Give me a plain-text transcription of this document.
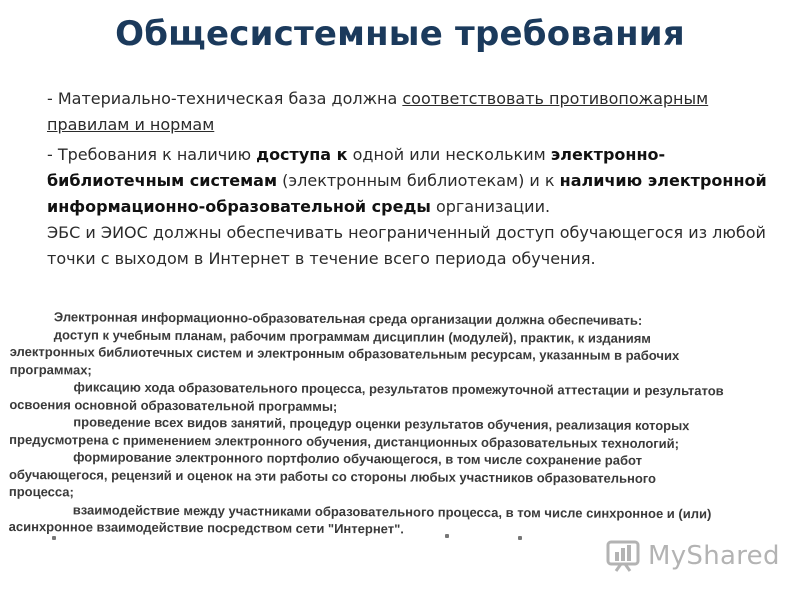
Общесистемные требования

- Материально-техническая база должна соответствовать противопожарным правилам и нормам

- Требования к наличию доступа к одной или нескольким электронно-библиотечным системам (электронным библиотекам) и к наличию электронной информационно-образовательной среды организации.
ЭБС и ЭИОС должны обеспечивать неограниченный доступ обучающегося из любой точки с выходом в Интернет в течение всего периода обучения.

Электронная информационно-образовательная среда организации должна обеспечивать:
доступ к учебным планам, рабочим программам дисциплин (модулей), практик, к изданиям
электронных библиотечных систем и электронным образовательным ресурсам, указанным в рабочих
программах;
фиксацию хода образовательного процесса, результатов промежуточной аттестации и результатов
освоения основной образовательной программы;
проведение всех видов занятий, процедур оценки результатов обучения, реализация которых
предусмотрена с применением электронного обучения, дистанционных образовательных технологий;
формирование электронного портфолио обучающегося, в том числе сохранение работ
обучающегося, рецензий и оценок на эти работы со стороны любых участников образовательного
процесса;
взаимодействие между участниками образовательного процесса, в том числе синхронное и (или)
асинхронное взаимодействие посредством сети "Интернет".
MyShared
